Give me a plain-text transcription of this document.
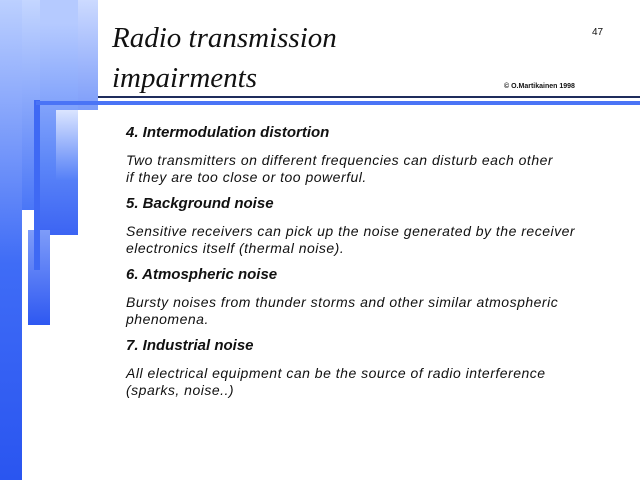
Radio transmission
impairments
47
© O.Martikainen 1998
4. Intermodulation distortion
Two transmitters on different frequencies can disturb each other
if they are too close or too powerful.
5. Background noise
Sensitive receivers can pick up the noise generated by the receiver
electronics itself (thermal noise).
6. Atmospheric noise
Bursty noises from thunder storms and other similar atmospheric
phenomena.
7. Industrial noise
All electrical equipment can be the source of radio interference
(sparks, noise..)
